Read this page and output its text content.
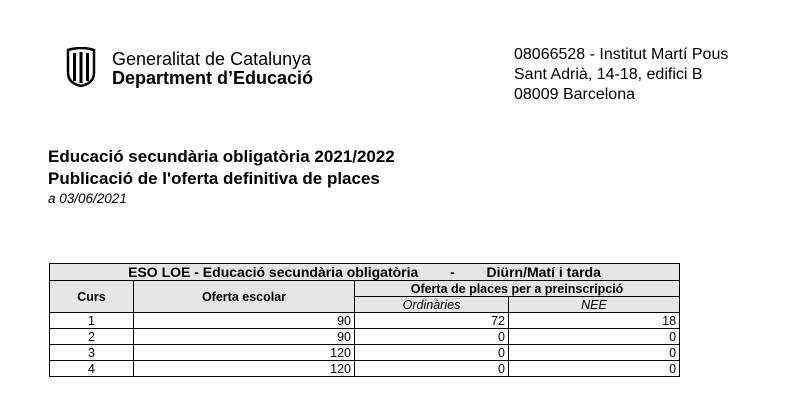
Generalitat de Catalunya
Department d’Educació
08066528 - Institut Martí Pous
Sant Adrià, 14-18, edifici B
08009 Barcelona
Educació secundària obligatòria 2021/2022
Publicació de l'oferta definitiva de places
a 03/06/2021
ESO LOE - Educació secundària obligatòria - Diürn/Matí i tarda			
Curs	Oferta escolar	Oferta de places per a preinscripció	
		Ordinàries	NEE
1	90	72	18
2	90	0	0
3	120	0	0
4	120	0	0
